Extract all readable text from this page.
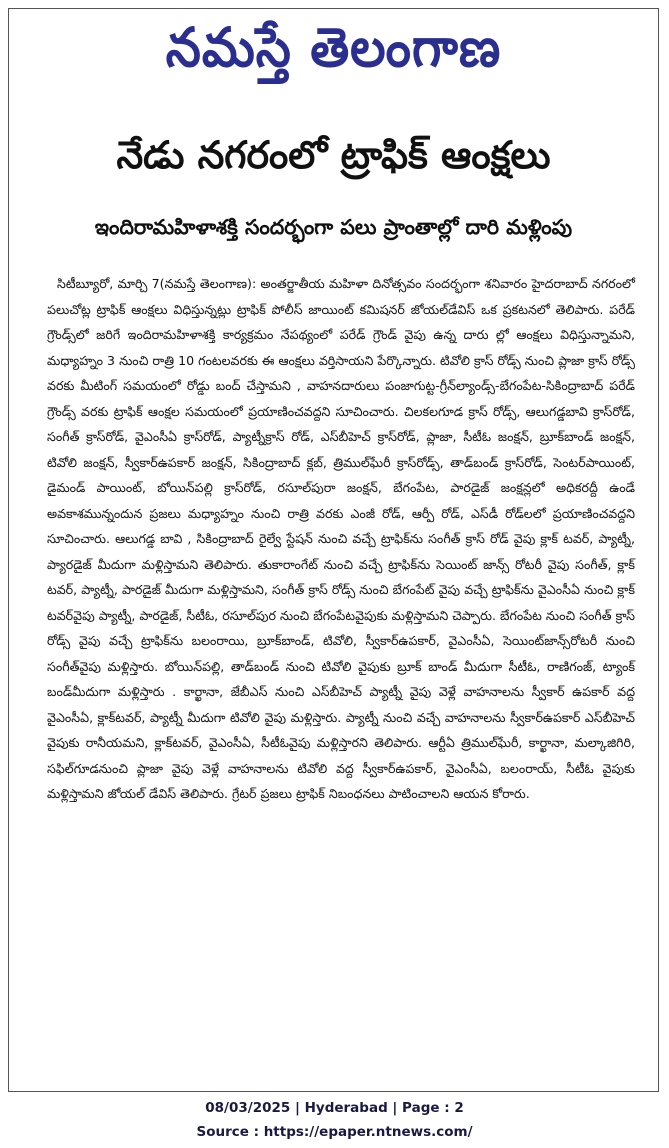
నమస్తే తెలంగాణ
నేడు నగరంలో ట్రాఫిక్ ఆంక్షలు
ఇందిరామహిళాశక్తి సందర్భంగా పలు ప్రాంతాల్లో దారి మళ్లింపు
సిటీబ్యూరో, మార్చి 7(నమస్తే తెలంగాణ): అంతర్జాతీయ మహిళా దినోత్సవం సందర్భంగా శనివారం హైదరాబాద్ నగరంలో పలుచోట్ల ట్రాఫిక్ ఆంక్షలు విధిస్తున్నట్లు ట్రాఫిక్ పోలీస్ జాయింట్ కమిషనర్ జోయల్‌డేవిస్ ఒక ప్రకటనలో తెలిపారు. పరేడ్ గ్రౌండ్స్‌లో జరిగే ఇందిరామహిళాశక్తి కార్యక్రమం నేపథ్యంలో పరేడ్ గ్రౌండ్ వైపు ఉన్న దారు ల్లో ఆంక్షలు విధిస్తున్నామని, మధ్యాహ్నం 3 నుంచి రాత్రి 10 గంటలవరకు ఈ ఆంక్షలు వర్తిసాయని పేర్కొన్నారు. టివోలి క్రాస్ రోడ్స్ నుంచి ప్లాజా క్రాస్ రోడ్స్ వరకు మీటింగ్ సమయంలో రోడ్డు బంద్ చేస్తామని , వాహనదారులు పంజాగుట్ట-గ్రీన్‌ల్యాండ్స్-బేగంపేట-సికింద్రాబాద్ పరేడ్ గ్రౌండ్స్ వరకు ట్రాఫిక్ ఆంక్షల సమయంలో ప్రయాణించవద్దని సూచించారు. చిలకలగూడ క్రాస్ రోడ్స్, ఆలుగడ్డబావి క్రాస్‌రోడ్, సంగీత్ క్రాస్‌రోడ్, వైఎంసీఏ క్రాస్‌రోడ్, ప్యాట్నీక్రాస్ రోడ్, ఎస్‌బీహెచ్ క్రాస్‌రోడ్, ప్లాజా, సీటీఓ జంక్షన్, బ్రూక్‌బాండ్ జంక్షన్, టివోలి జంక్షన్, స్వీకార్‌ఉపకార్ జంక్షన్, సికింద్రాబాద్ క్లబ్, త్రిముల్‌ఘేరీ క్రాస్‌రోడ్స్, తాడ్‌బండ్ క్రాస్‌రోడ్, సెంటర్‌పాయింట్, డైమండ్ పాయింట్, బోయిన్‌పల్లి క్రాస్‌రోడ్, రసూల్‌పురా జంక్షన్, బేగంపేట, పారడైజ్ జంక్షన్లలో అధికరద్దీ ఉండే అవకాశమున్నందున ప్రజలు మధ్యాహ్నం నుంచి రాత్రి వరకు ఎంజీ రోడ్, ఆర్పీ రోడ్, ఎస్‌డీ రోడ్‌లలో ప్రయాణించవద్దని సూచించారు. ఆలుగడ్డ బావి , సికింద్రాబాద్ రైల్వే స్టేషన్ నుంచి వచ్చే ట్రాఫిక్‌ను సంగీత్ క్రాస్ రోడ్ వైపు క్లాక్ టవర్, ప్యాట్నీ, ప్యారడైజ్ మీదుగా మళ్లిస్తామని తెలిపారు. తుకారాంగేట్ నుంచి వచ్చే ట్రాఫిక్‌ను సెయింట్ జాన్స్ రోటరీ వైపు సంగీత్, క్లాక్ టవర్, ప్యాట్నీ, పారడైజ్ మీదుగా మళ్లిస్తామని, సంగీత్ క్రాస్ రోడ్స్ నుంచి బేగంపేట్ వైపు వచ్చే ట్రాఫిక్‌ను వైఎంసీఏ నుంచి క్లాక్ టవర్‌వైపు ప్యాట్నీ, పారడైజ్, సీటీఓ, రసూల్‌పుర నుంచి బేగంపేటవైపుకు మళ్లిస్తామని చెప్పారు. బేగంపేట నుంచి సంగీత్ క్రాస్ రోడ్స్ వైపు వచ్చే ట్రాఫిక్‌ను బలంరాయి, బ్రూక్‌బాండ్, టివోలి, స్వీకార్‌ఉపకార్, వైఎంసీఏ, సెయింట్‌జాన్స్‌రోటరీ నుంచి సంగీత్‌వైపు మళ్లిస్తారు. బోయిన్‌పల్లి, తాడ్‌బండ్ నుంచి టివోలి వైపుకు బ్రూక్ బాండ్ మీదుగా సీటీఓ, రాణిగంజ్, ట్యాంక్ బండ్‌మీదుగా మళ్లిస్తారు . కార్ఖానా, జేబీఎస్ నుంచి ఎస్‌బీహెచ్ ప్యాట్నీ వైపు వెళ్లే వాహనాలను స్వీకార్ ఉపకార్ వద్ద వైఎంసీఏ, క్లాక్‌టవర్, ప్యాట్నీ మీదుగా టివోలి వైపు మళ్లిస్తారు. ప్యాట్నీ నుంచి వచ్చే వాహనాలను స్వీకార్‌ఉపకార్ ఎస్‌బీహెచ్ వైపుకు రానీయమని, క్లాక్‌టవర్, వైఎంసీఏ, సీటీఓవైపు మళ్లిస్తారని తెలిపారు. ఆర్టీఏ త్రిముల్‌ఘేరీ, కార్ఖానా, మల్కాజిగిరి, సఫిల్‌గూడనుంచి ప్లాజా వైపు వెళ్లే వాహనాలను టివోలి వద్ద స్వీకార్‌ఉపకార్, వైఎంసీఏ, బలంరాయ్, సీటీఓ వైపుకు మళ్లిస్తామని జోయల్ డేవిస్ తెలిపారు. గ్రేటర్ ప్రజలు ట్రాఫిక్ నిబంధనలు పాటించాలని ఆయన కోరారు.
08/03/2025 | Hyderabad | Page : 2
Source : https://epaper.ntnews.com/
